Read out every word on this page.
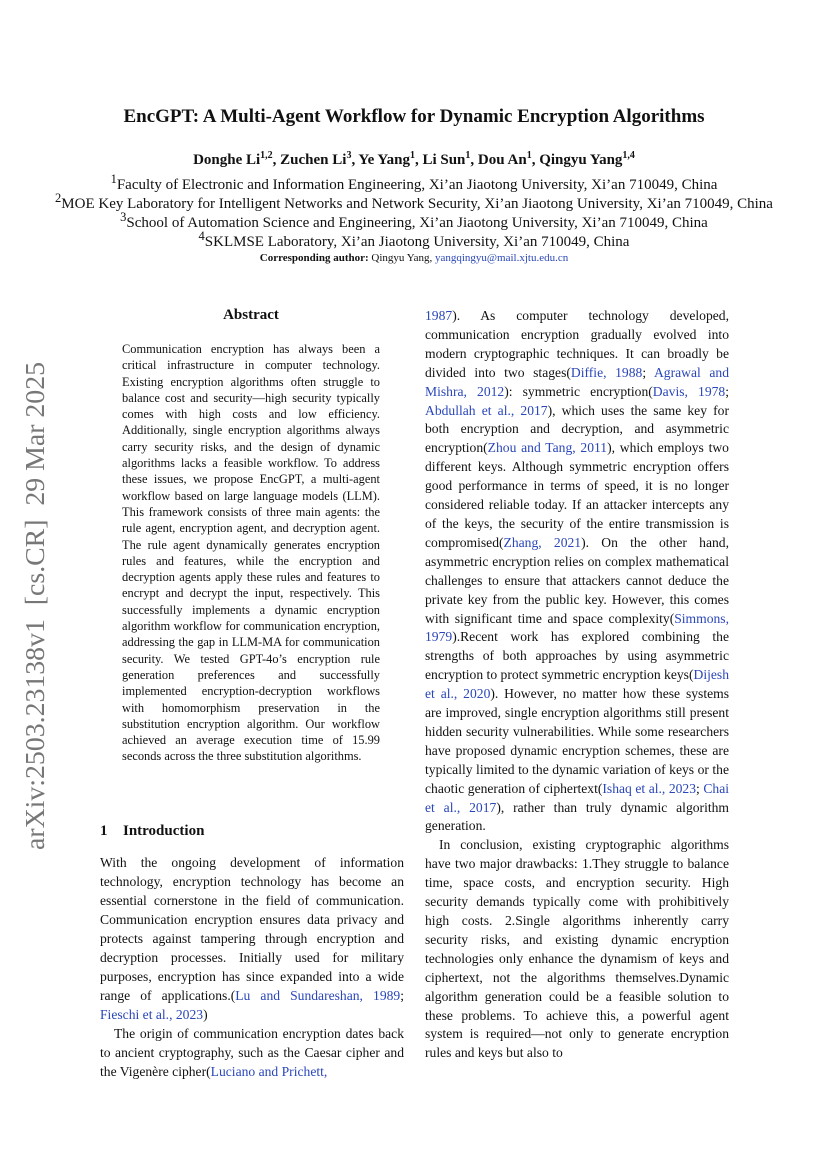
EncGPT: A Multi-Agent Workflow for Dynamic Encryption Algorithms
Donghe Li$^{1,2}$, Zuchen Li$^3$, Ye Yang$^1$, Li Sun$^1$, Dou An$^1$, Qingyu Yang$^{1,4}$
$^1$Faculty of Electronic and Information Engineering, Xi’an Jiaotong University, Xi’an 710049, China
$^2$MOE Key Laboratory for Intelligent Networks and Network Security, Xi’an Jiaotong University, Xi’an 710049, China
$^3$School of Automation Science and Engineering, Xi’an Jiaotong University, Xi’an 710049, China
$^4$SKLMSE Laboratory, Xi’an Jiaotong University, Xi’an 710049, China
Corresponding author: Qingyu Yang, yangqingyu@mail.xjtu.edu.cn
arXiv:2503.23138v1  [cs.CR]  29 Mar 2025
Abstract
Communication encryption has always been a critical infrastructure in computer technology. Existing encryption algorithms often struggle to balance cost and security—high security typically comes with high costs and low efficiency. Additionally, single encryption algorithms always carry security risks, and the design of dynamic algorithms lacks a feasible workflow. To address these issues, we propose EncGPT, a multi-agent workflow based on large language models (LLM). This framework consists of three main agents: the rule agent, encryption agent, and decryption agent. The rule agent dynamically generates encryption rules and features, while the encryption and decryption agents apply these rules and features to encrypt and decrypt the input, respectively. This successfully implements a dynamic encryption algorithm workflow for communication encryption, addressing the gap in LLM-MA for communication security. We tested GPT-4o’s encryption rule generation preferences and successfully implemented encryption-decryption workflows with homomorphism preservation in the substitution encryption algorithm. Our workflow achieved an average execution time of 15.99 seconds across the three substitution algorithms.
1 Introduction

With the ongoing development of information technology, encryption technology has become an essential cornerstone in the field of communication. Communication encryption ensures data privacy and protects against tampering through encryption and decryption processes. Initially used for military purposes, encryption has since expanded into a wide range of applications.(Lu and Sundareshan, 1989; Fieschi et al., 2023)

The origin of communication encryption dates back to ancient cryptography, such as the Caesar cipher and the Vigenère cipher(Luciano and Prichett,

1987). As computer technology developed, communication encryption gradually evolved into modern cryptographic techniques. It can broadly be divided into two stages(Diffie, 1988; Agrawal and Mishra, 2012): symmetric encryption(Davis, 1978; Abdullah et al., 2017), which uses the same key for both encryption and decryption, and asymmetric encryption(Zhou and Tang, 2011), which employs two different keys. Although symmetric encryption offers good performance in terms of speed, it is no longer considered reliable today. If an attacker intercepts any of the keys, the security of the entire transmission is compromised(Zhang, 2021). On the other hand, asymmetric encryption relies on complex mathematical challenges to ensure that attackers cannot deduce the private key from the public key. However, this comes with significant time and space complexity(Simmons, 1979).Recent work has explored combining the strengths of both approaches by using asymmetric encryption to protect symmetric encryption keys(Dijesh et al., 2020). However, no matter how these systems are improved, single encryption algorithms still present hidden security vulnerabilities. While some researchers have proposed dynamic encryption schemes, these are typically limited to the dynamic variation of keys or the chaotic generation of ciphertext(Ishaq et al., 2023; Chai et al., 2017), rather than truly dynamic algorithm generation.

In conclusion, existing cryptographic algorithms have two major drawbacks: 1.They struggle to balance time, space costs, and encryption security. High security demands typically come with prohibitively high costs. 2.Single algorithms inherently carry security risks, and existing dynamic encryption technologies only enhance the dynamism of keys and ciphertext, not the algorithms themselves.Dynamic algorithm generation could be a feasible solution to these problems. To achieve this, a powerful agent system is required—not only to generate encryption rules and keys but also to
